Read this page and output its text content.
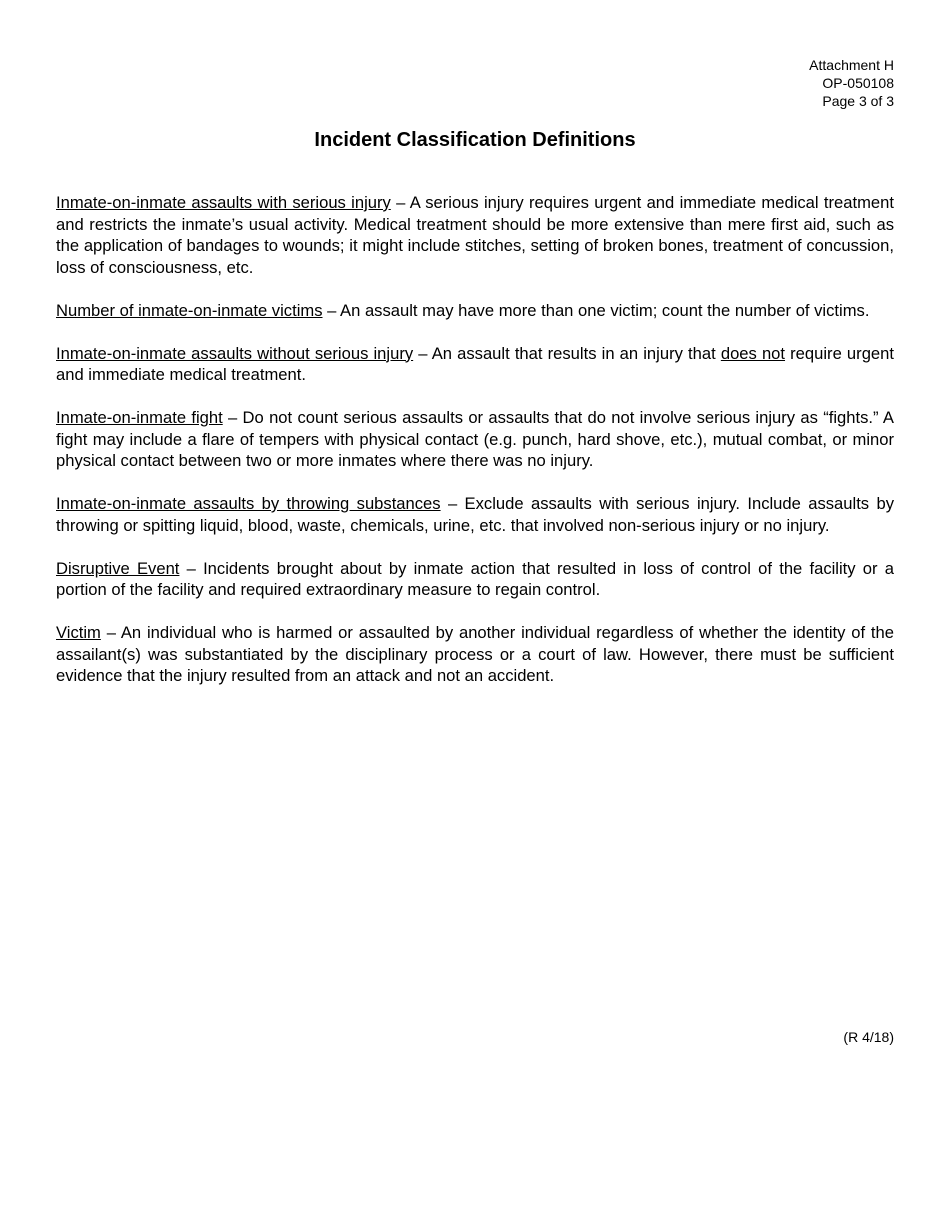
Attachment H
OP-050108
Page 3 of 3
Incident Classification Definitions

Inmate-on-inmate assaults with serious injury – A serious injury requires urgent and immediate medical treatment and restricts the inmate’s usual activity. Medical treatment should be more extensive than mere first aid, such as the application of bandages to wounds; it might include stitches, setting of broken bones, treatment of concussion, loss of consciousness, etc.

Number of inmate-on-inmate victims – An assault may have more than one victim; count the number of victims.

Inmate-on-inmate assaults without serious injury – An assault that results in an injury that does not require urgent and immediate medical treatment.

Inmate-on-inmate fight – Do not count serious assaults or assaults that do not involve serious injury as “fights.” A fight may include a flare of tempers with physical contact (e.g. punch, hard shove, etc.), mutual combat, or minor physical contact between two or more inmates where there was no injury.

Inmate-on-inmate assaults by throwing substances – Exclude assaults with serious injury. Include assaults by throwing or spitting liquid, blood, waste, chemicals, urine, etc. that involved non-serious injury or no injury.

Disruptive Event – Incidents brought about by inmate action that resulted in loss of control of the facility or a portion of the facility and required extraordinary measure to regain control.

Victim – An individual who is harmed or assaulted by another individual regardless of whether the identity of the assailant(s) was substantiated by the disciplinary process or a court of law. However, there must be sufficient evidence that the injury resulted from an attack and not an accident.

(R 4/18)
